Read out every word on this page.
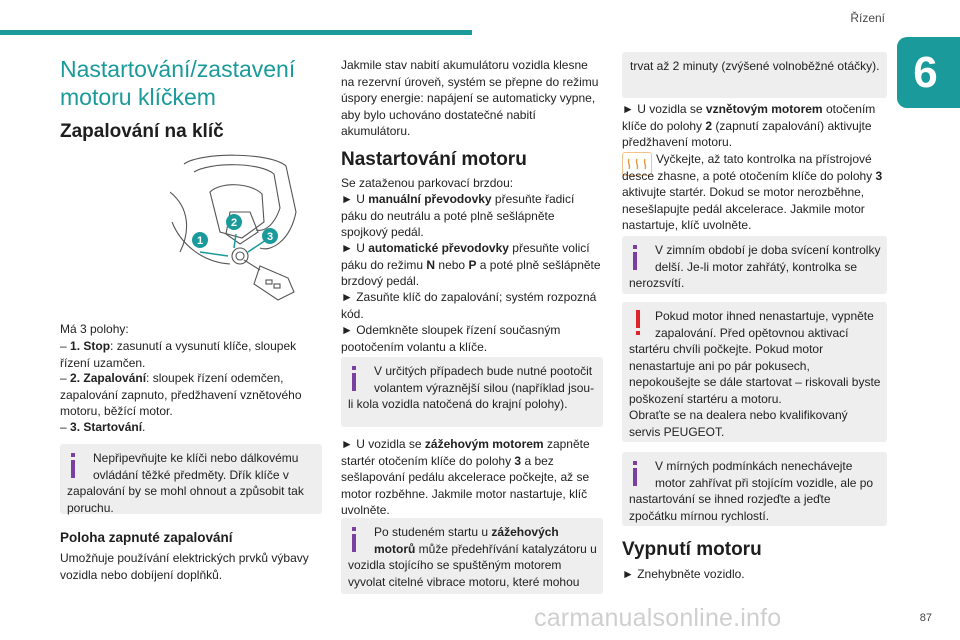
Řízení
6
Nastartování/zastavení motoru klíčkem
Zapalování na klíč
1
2
3
Má 3 polohy:
– 1. Stop: zasunutí a vysunutí klíče, sloupek řízení uzamčen.
– 2. Zapalování: sloupek řízení odemčen, zapalování zapnuto, předžhavení vznětového motoru, běžící motor.
– 3. Startování.
Nepřipevňujte ke klíči nebo dálkovému ovládání těžké předměty. Dřík klíče v zapalování by se mohl ohnout a způsobit tak poruchu.
Poloha zapnuté zapalování
Umožňuje používání elektrických prvků výbavy vozidla nebo dobíjení doplňků.
Jakmile stav nabití akumulátoru vozidla klesne na rezervní úroveň, systém se přepne do režimu úspory energie: napájení se automaticky vypne, aby bylo uchováno dostatečné nabití akumulátoru.
Nastartování motoru
Se zataženou parkovací brzdou:
► U manuální převodovky přesuňte řadicí páku do neutrálu a poté plně sešlápněte spojkový pedál.
► U automatické převodovky přesuňte volicí páku do režimu N nebo P a poté plně sešlápněte brzdový pedál.
► Zasuňte klíč do zapalování; systém rozpozná kód.
► Odemkněte sloupek řízení současným pootočením volantu a klíče.
V určitých případech bude nutné pootočit volantem výraznější silou (například jsou-li kola vozidla natočená do krajní polohy).
► U vozidla se zážehovým motorem zapněte startér otočením klíče do polohy 3 a bez sešlapování pedálu akcelerace počkejte, až se motor rozběhne. Jakmile motor nastartuje, klíč uvolněte.
Po studeném startu u zážehových motorů může předehřívání katalyzátoru u vozidla stojícího se spuštěným motorem vyvolat citelné vibrace motoru, které mohou
trvat až 2 minuty (zvýšené volnoběžné otáčky).
► U vozidla se vznětovým motorem otočením klíče do polohy 2 (zapnutí zapalování) aktivujte předžhavení motoru.
Vyčkejte, až tato kontrolka na přístrojové desce zhasne, a poté otočením klíče do polohy 3 aktivujte startér. Dokud se motor nerozběhne, nesešlapujte pedál akcelerace. Jakmile motor nastartuje, klíč uvolněte.
V zimním období je doba svícení kontrolky delší. Je-li motor zahřátý, kontrolka se nerozsvítí.
Pokud motor ihned nenastartuje, vypněte zapalování. Před opětovnou aktivací startéru chvíli počkejte. Pokud motor nenastartuje ani po pár pokusech, nepokoušejte se dále startovat – riskovali byste poškození startéru a motoru.
Obraťte se na dealera nebo kvalifikovaný servis PEUGEOT.
V mírných podmínkách nenechávejte motor zahřívat při stojícím vozidle, ale po nastartování se ihned rozjeďte a jeďte zpočátku mírnou rychlostí.
Vypnutí motoru
► Znehybněte vozidlo.
carmanualsonline.info	87
